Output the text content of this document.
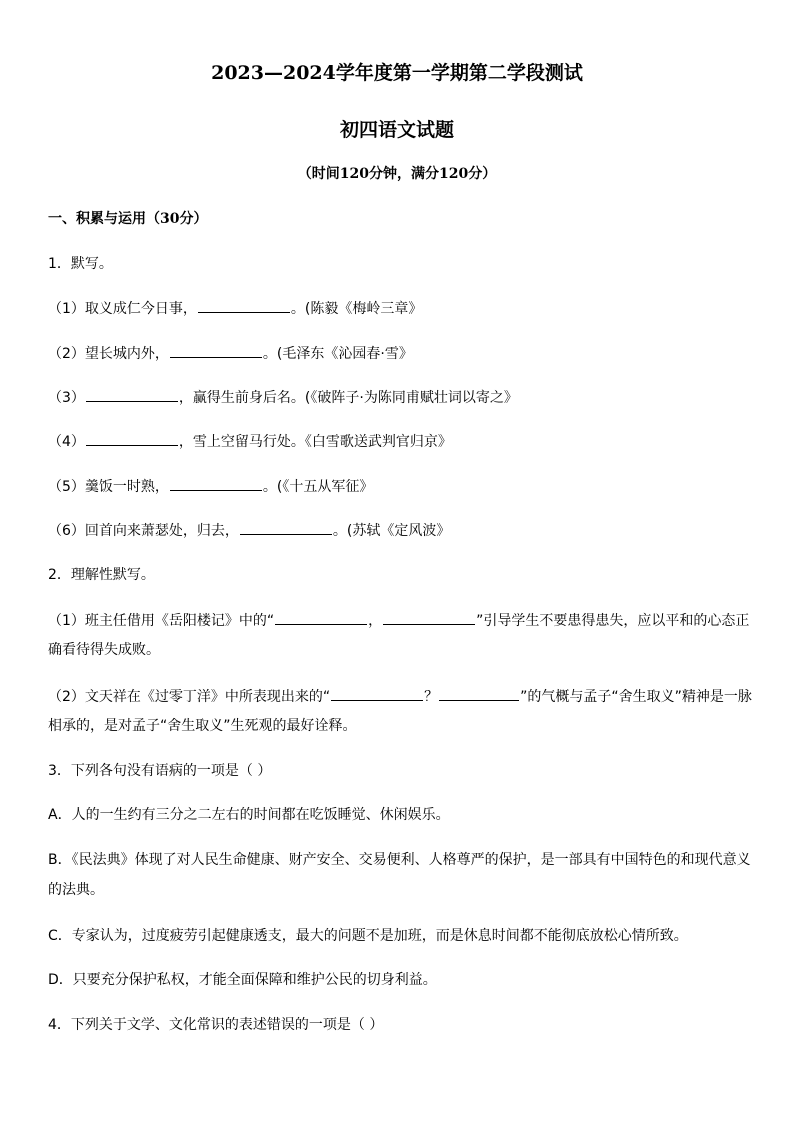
2023—2024学年度第一学期第二学段测试
初四语文试题
（时间120分钟，满分120分）
一、积累与运用（30分）
1．默写。
（1）取义成仁今日事，	。(陈毅《梅岭三章》
（2）望长城内外，	。(毛泽东《沁园春·雪》
（3）	，赢得生前身后名。(《破阵子·为陈同甫赋壮词以寄之》
（4）	，雪上空留马行处。《白雪歌送武判官归京》
（5）羹饭一时熟，	。(《十五从军征》
（6）回首向来萧瑟处，归去，	。(苏轼《定风波》
2．理解性默写。
（1）班主任借用《岳阳楼记》中的“	，	”引导学生不要患得患失，应以平和的心态正
确看待得失成败。
（2）文天祥在《过零丁洋》中所表现出来的“	？	”的气概与孟子“舍生取义”精神是一脉
相承的，是对孟子“舍生取义”生死观的最好诠释。
3．下列各句没有语病的一项是（ ）
A．人的一生约有三分之二左右的时间都在吃饭睡觉、休闲娱乐。
B．《民法典》体现了对人民生命健康、财产安全、交易便利、人格尊严的保护，是一部具有中国特色的和现代意义
的法典。
C．专家认为，过度疲劳引起健康透支，最大的问题不是加班，而是休息时间都不能彻底放松心情所致。
D．只要充分保护私权，才能全面保障和维护公民的切身利益。
4．下列关于文学、文化常识的表述错误的一项是（ ）
